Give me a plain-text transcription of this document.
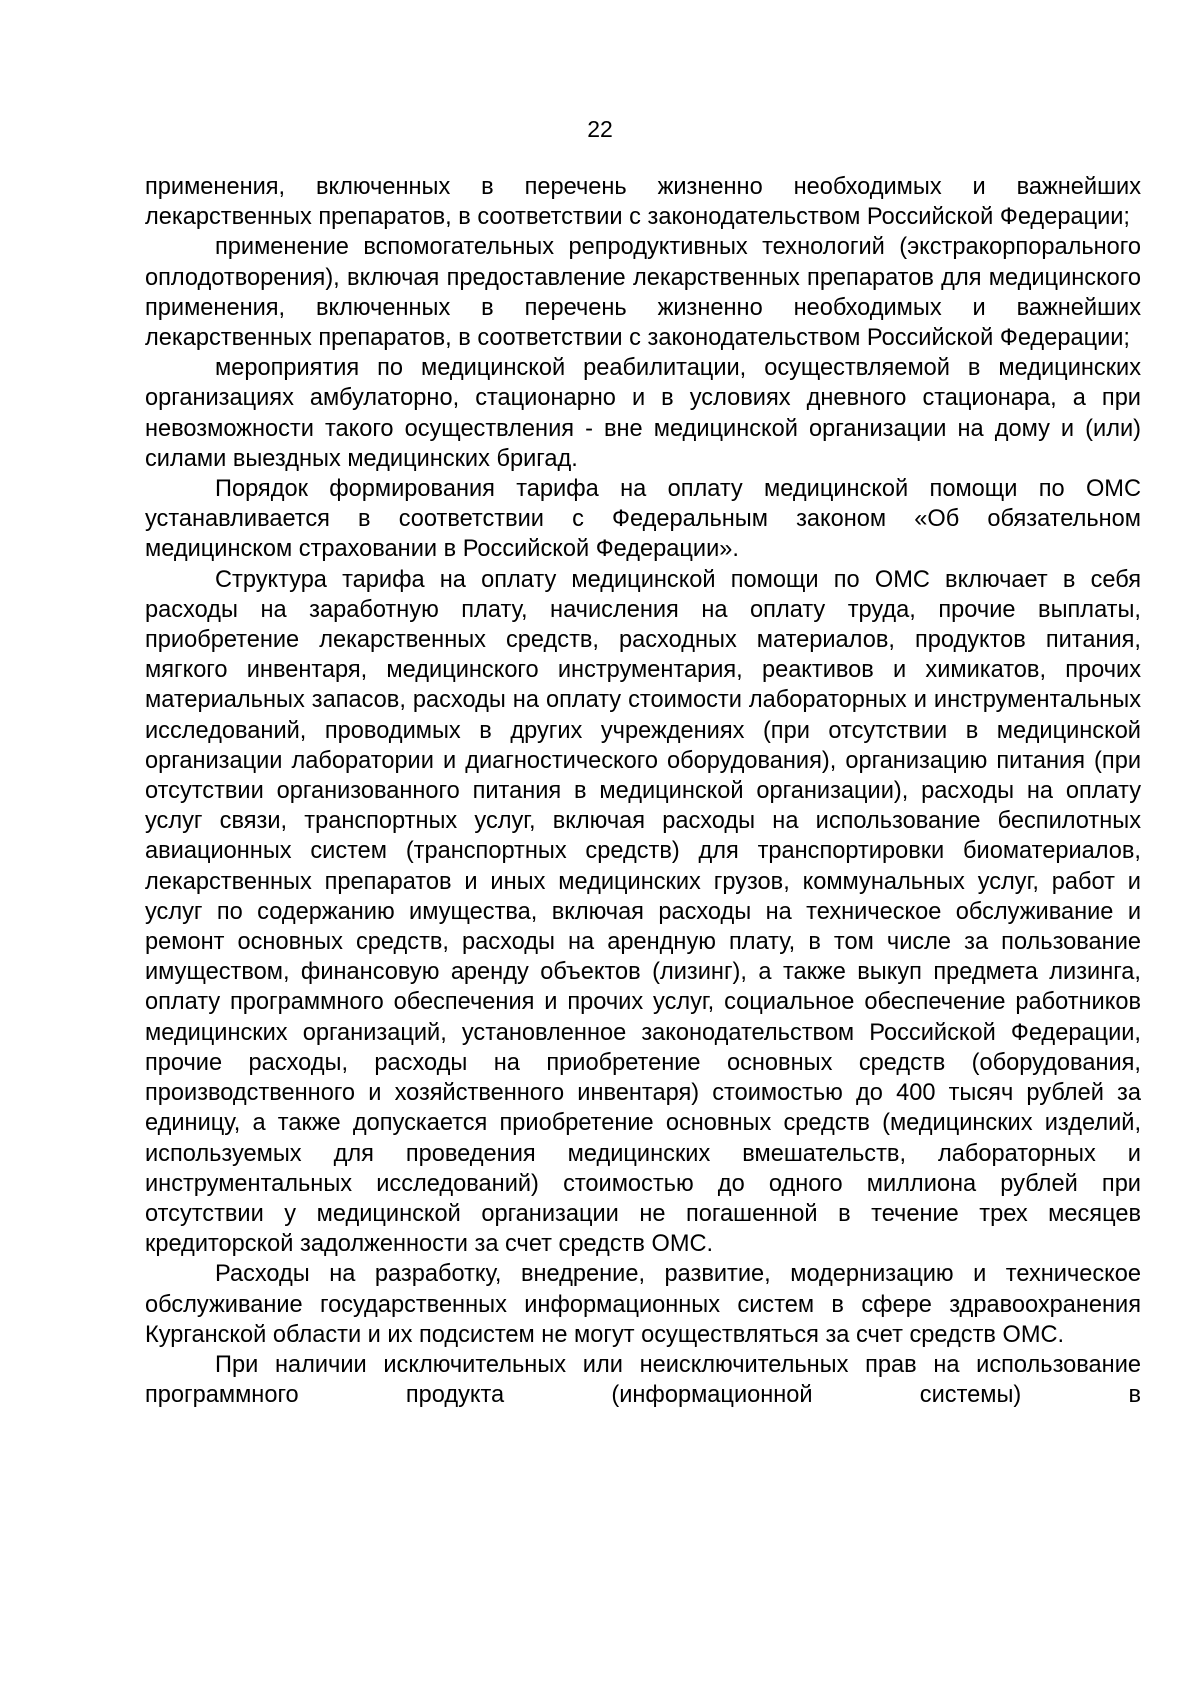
22

применения, включенных в перечень жизненно необходимых и важнейших лекарственных препаратов, в соответствии с законодательством Российской Федерации;

применение вспомогательных репродуктивных технологий (экстракорпорального оплодотворения), включая предоставление лекарственных препаратов для медицинского применения, включенных в перечень жизненно необходимых и важнейших лекарственных препаратов, в соответствии с законодательством Российской Федерации;

мероприятия по медицинской реабилитации, осуществляемой в медицинских организациях амбулаторно, стационарно и в условиях дневного стационара, а при невозможности такого осуществления - вне медицинской организации на дому и (или) силами выездных медицинских бригад.

Порядок формирования тарифа на оплату медицинской помощи по ОМС устанавливается в соответствии с Федеральным законом «Об обязательном медицинском страховании в Российской Федерации».

Структура тарифа на оплату медицинской помощи по ОМС включает в себя расходы на заработную плату, начисления на оплату труда, прочие выплаты, приобретение лекарственных средств, расходных материалов, продуктов питания, мягкого инвентаря, медицинского инструментария, реактивов и химикатов, прочих материальных запасов, расходы на оплату стоимости лабораторных и инструментальных исследований, проводимых в других учреждениях (при отсутствии в медицинской организации лаборатории и диагностического оборудования), организацию питания (при отсутствии организованного питания в медицинской организации), расходы на оплату услуг связи, транспортных услуг, включая расходы на использование беспилотных авиационных систем (транспортных средств) для транспортировки биоматериалов, лекарственных препаратов и иных медицинских грузов, коммунальных услуг, работ и услуг по содержанию имущества, включая расходы на техническое обслуживание и ремонт основных средств, расходы на арендную плату, в том числе за пользование имуществом, финансовую аренду объектов (лизинг), а также выкуп предмета лизинга, оплату программного обеспечения и прочих услуг, социальное обеспечение работников медицинских организаций, установленное законодательством Российской Федерации, прочие расходы, расходы на приобретение основных средств (оборудования, производственного и хозяйственного инвентаря) стоимостью до 400 тысяч рублей за единицу, а также допускается приобретение основных средств (медицинских изделий, используемых для проведения медицинских вмешательств, лабораторных и инструментальных исследований) стоимостью до одного миллиона рублей при отсутствии у медицинской организации не погашенной в течение трех месяцев кредиторской задолженности за счет средств ОМС.

Расходы на разработку, внедрение, развитие, модернизацию и техническое обслуживание государственных информационных систем в сфере здравоохранения Курганской области и их подсистем не могут осуществляться за счет средств ОМС.

При наличии исключительных или неисключительных прав на использование программного продукта (информационной системы) в
